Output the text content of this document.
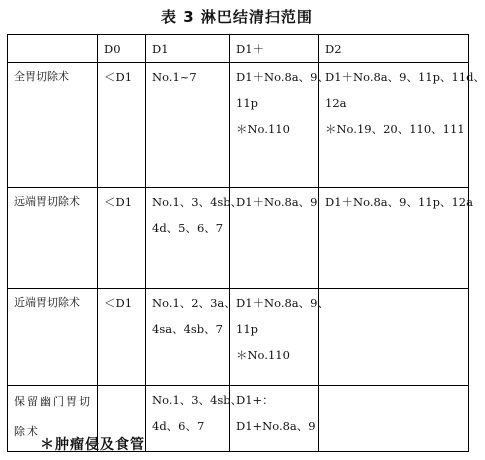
表 3 淋巴结清扫范围
	D0	D1	D1＋	D2

全胃切除术	＜D1	No.1~7	D1＋No.8a、9、
11p
＊No.110	D1＋No.8a、9、11p、11d、
12a
＊No.19、20、110、111

远端胃切除术	＜D1	No.1、3、4sb、
4d、5、6、7	D1＋No.8a、9	D1＋No.8a、9、11p、12a

近端胃切除术	＜D1	No.1、2、3a、
4sa、4sb、7	D1＋No.8a、9、
11p
＊No.110	

保留幽门胃切除术		No.1、3、4sb、
4d、6、7	D1+：
D1+No.8a、9	

＊肿瘤侵及食管
